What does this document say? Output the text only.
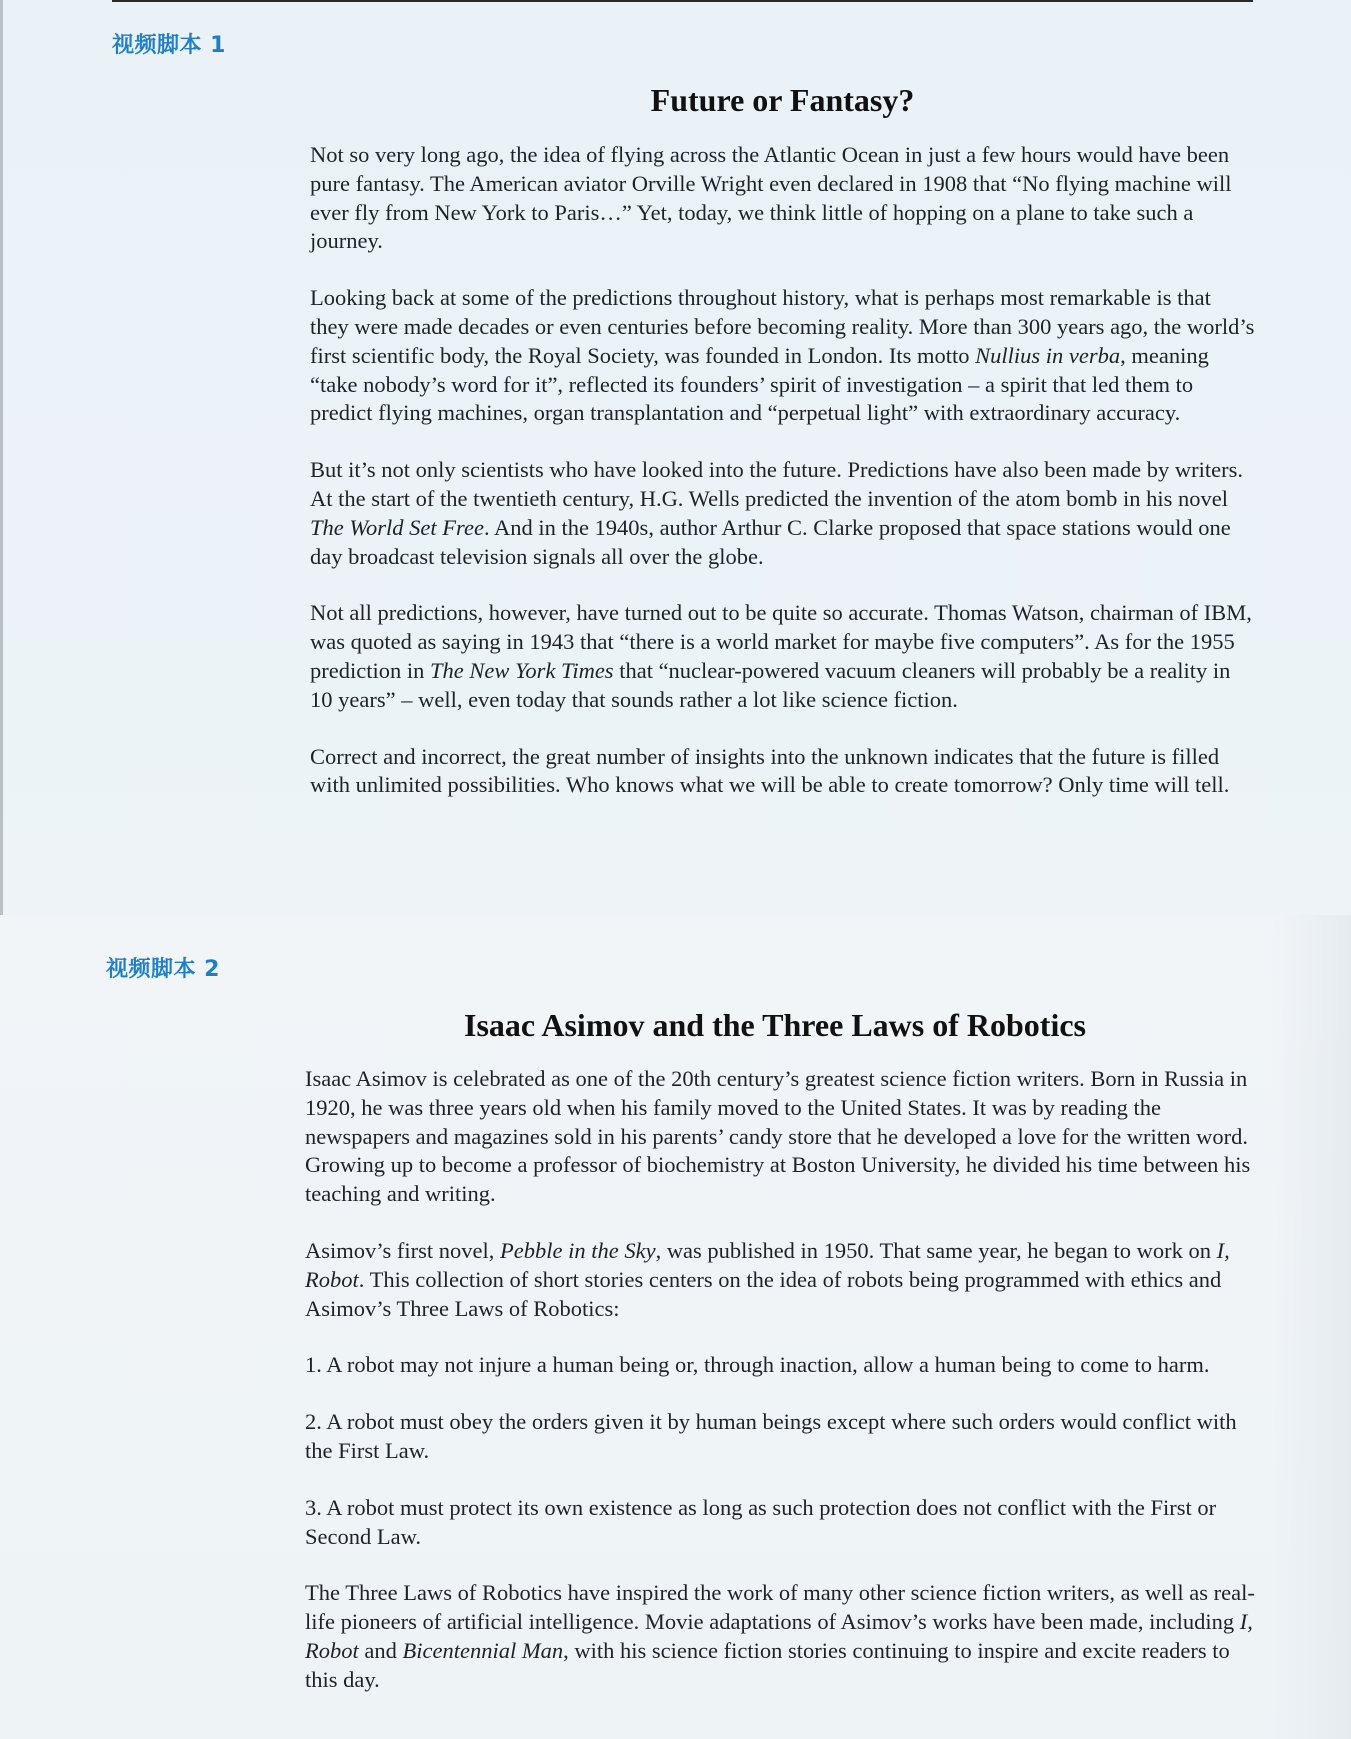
视频脚本 1
Future or Fantasy?

Not so very long ago, the idea of flying across the Atlantic Ocean in just a few hours would have been pure fantasy. The American aviator Orville Wright even declared in 1908 that “No flying machine will ever fly from New York to Paris…” Yet, today, we think little of hopping on a plane to take such a journey.

Looking back at some of the predictions throughout history, what is perhaps most remarkable is that they were made decades or even centuries before becoming reality. More than 300 years ago, the world’s first scientific body, the Royal Society, was founded in London. Its motto Nullius in verba, meaning “take nobody’s word for it”, reflected its founders’ spirit of investigation – a spirit that led them to predict flying machines, organ transplantation and “perpetual light” with extraordinary accuracy.

But it’s not only scientists who have looked into the future. Predictions have also been made by writers. At the start of the twentieth century, H.G. Wells predicted the invention of the atom bomb in his novel The World Set Free. And in the 1940s, author Arthur C. Clarke proposed that space stations would one day broadcast television signals all over the globe.

Not all predictions, however, have turned out to be quite so accurate. Thomas Watson, chairman of IBM, was quoted as saying in 1943 that “there is a world market for maybe five computers”. As for the 1955 prediction in The New York Times that “nuclear-powered vacuum cleaners will probably be a reality in 10 years” – well, even today that sounds rather a lot like science fiction.

Correct and incorrect, the great number of insights into the unknown indicates that the future is filled with unlimited possibilities. Who knows what we will be able to create tomorrow? Only time will tell.

视频脚本 2
Isaac Asimov and the Three Laws of Robotics

Isaac Asimov is celebrated as one of the 20th century’s greatest science fiction writers. Born in Russia in 1920, he was three years old when his family moved to the United States. It was by reading the newspapers and magazines sold in his parents’ candy store that he developed a love for the written word. Growing up to become a professor of biochemistry at Boston University, he divided his time between his teaching and writing.

Asimov’s first novel, Pebble in the Sky, was published in 1950. That same year, he began to work on I, Robot. This collection of short stories centers on the idea of robots being programmed with ethics and Asimov’s Three Laws of Robotics:

1. A robot may not injure a human being or, through inaction, allow a human being to come to harm.

2. A robot must obey the orders given it by human beings except where such orders would conflict with the First Law.

3. A robot must protect its own existence as long as such protection does not conflict with the First or Second Law.

The Three Laws of Robotics have inspired the work of many other science fiction writers, as well as real-life pioneers of artificial intelligence. Movie adaptations of Asimov’s works have been made, including I, Robot and Bicentennial Man, with his science fiction stories continuing to inspire and excite readers to this day.
